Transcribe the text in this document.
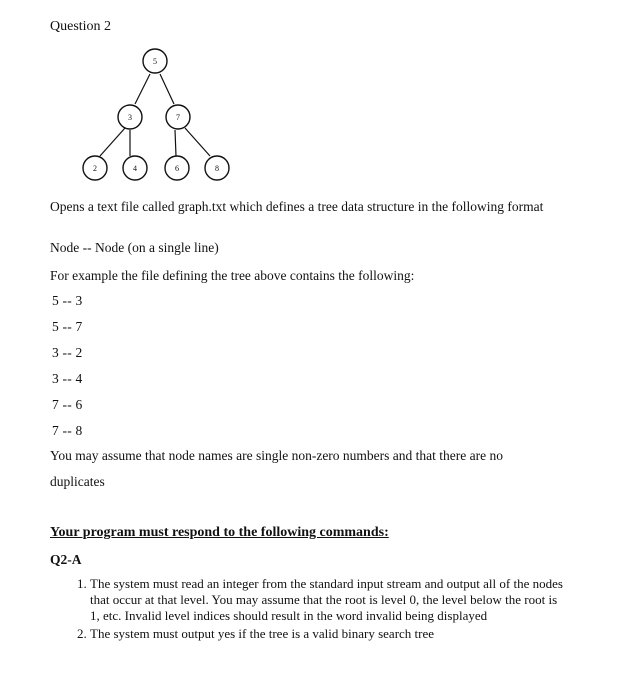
Question 2
5
3	7
2	4	6	8
Opens a text file called graph.txt which defines a tree data structure in the following format
Node -- Node (on a single line)
For example the file defining the tree above contains the following:
5 -- 3
5 -- 7
3 -- 2
3 -- 4
7 -- 6
7 -- 8
You may assume that node names are single non-zero numbers and that there are no
duplicates
Your program must respond to the following commands:
Q2-A
1. The system must read an integer from the standard input stream and output all of the nodes that occur at that level. You may assume that the root is level 0, the level below the root is 1, etc. Invalid level indices should result in the word invalid being displayed
2. The system must output yes if the tree is a valid binary search tree
